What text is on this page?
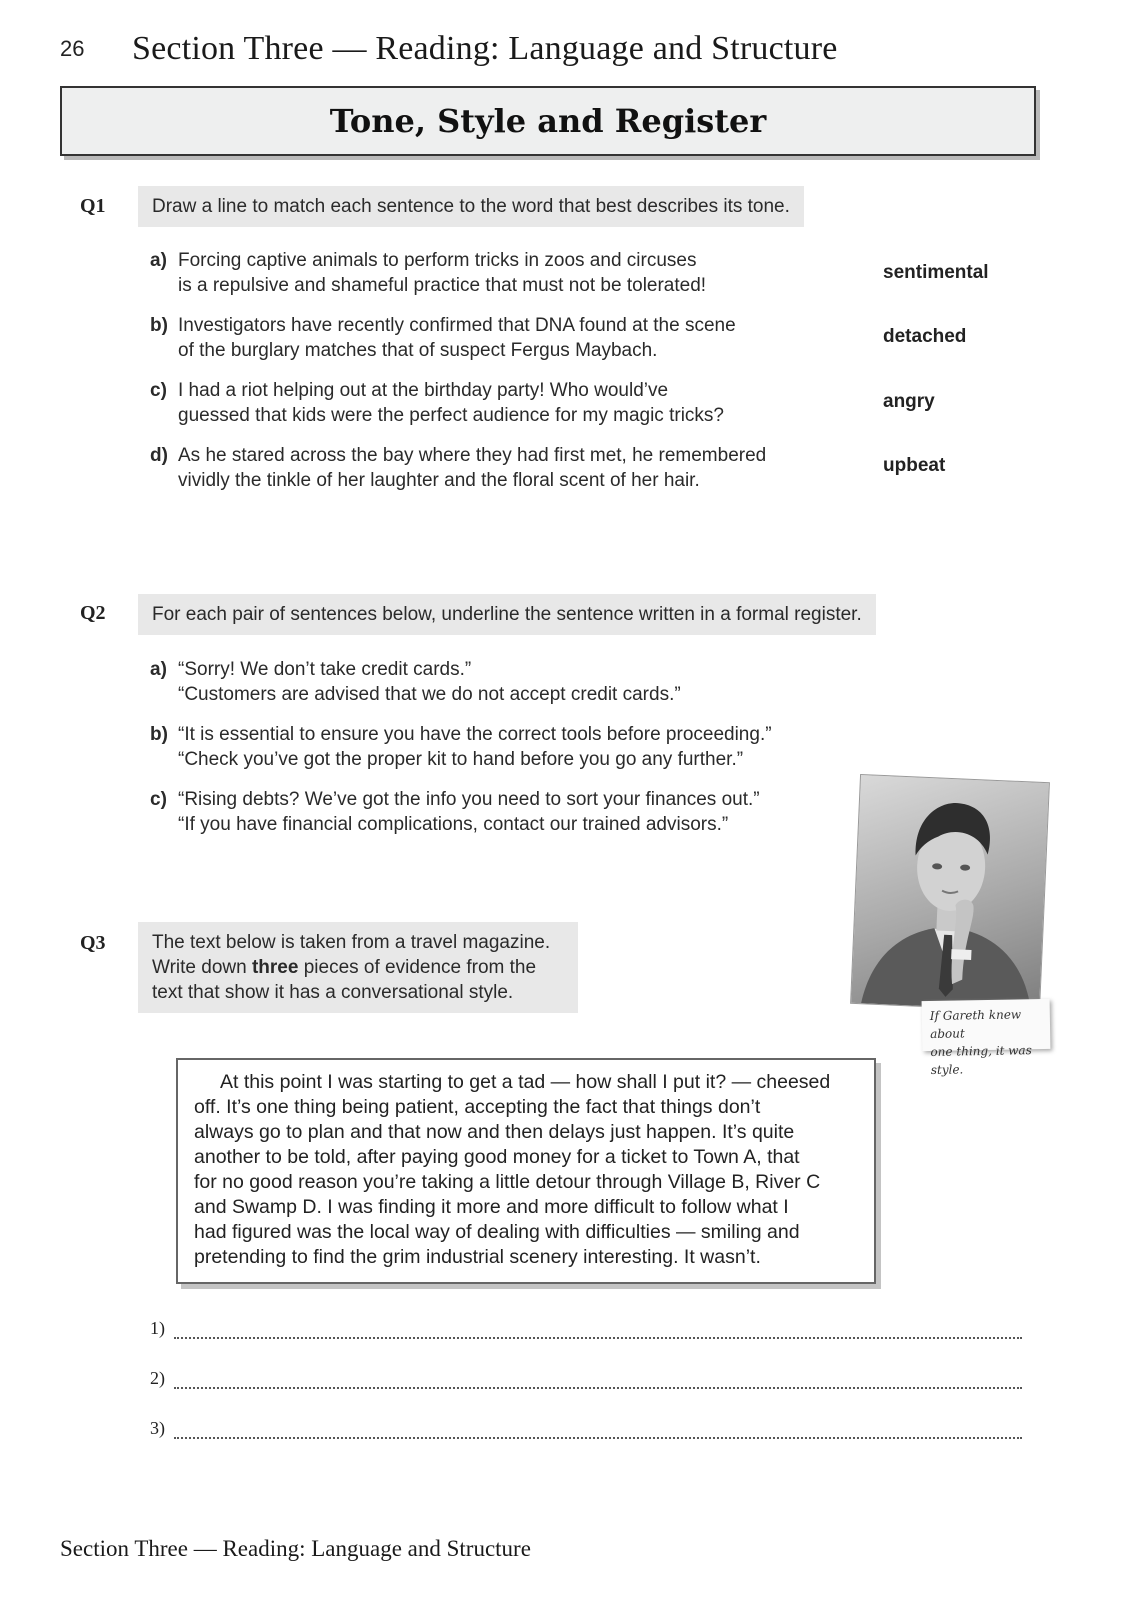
26 Section Three — Reading: Language and Structure
Tone, Style and Register
Q1	Draw a line to match each sentence to the word that best describes its tone.
a) Forcing captive animals to perform tricks in zoos and circuses
is a repulsive and shameful practice that must not be tolerated!
b) Investigators have recently confirmed that DNA found at the scene
of the burglary matches that of suspect Fergus Maybach.
c) I had a riot helping out at the birthday party! Who would’ve
guessed that kids were the perfect audience for my magic tricks?
d) As he stared across the bay where they had first met, he remembered
vividly the tinkle of her laughter and the floral scent of her hair.
sentimental
detached
angry
upbeat
Q2	For each pair of sentences below, underline the sentence written in a formal register.
a) “Sorry! We don’t take credit cards.”
“Customers are advised that we do not accept credit cards.”
b) “It is essential to ensure you have the correct tools before proceeding.”
“Check you’ve got the proper kit to hand before you go any further.”
c) “Rising debts? We’ve got the info you need to sort your finances out.”
“If you have financial complications, contact our trained advisors.”
If Gareth knew about
one thing, it was style.
Q3 The text below is taken from a travel magazine.
Write down three pieces of evidence from the
text that show it has a conversational style.
At this point I was starting to get a tad — how shall I put it? — cheesed
off. It’s one thing being patient, accepting the fact that things don’t
always go to plan and that now and then delays just happen. It’s quite
another to be told, after paying good money for a ticket to Town A, that
for no good reason you’re taking a little detour through Village B, River C
and Swamp D. I was finding it more and more difficult to follow what I
had figured was the local way of dealing with difficulties — smiling and
pretending to find the grim industrial scenery interesting. It wasn’t.
1)
2)
3)
Section Three — Reading: Language and Structure
